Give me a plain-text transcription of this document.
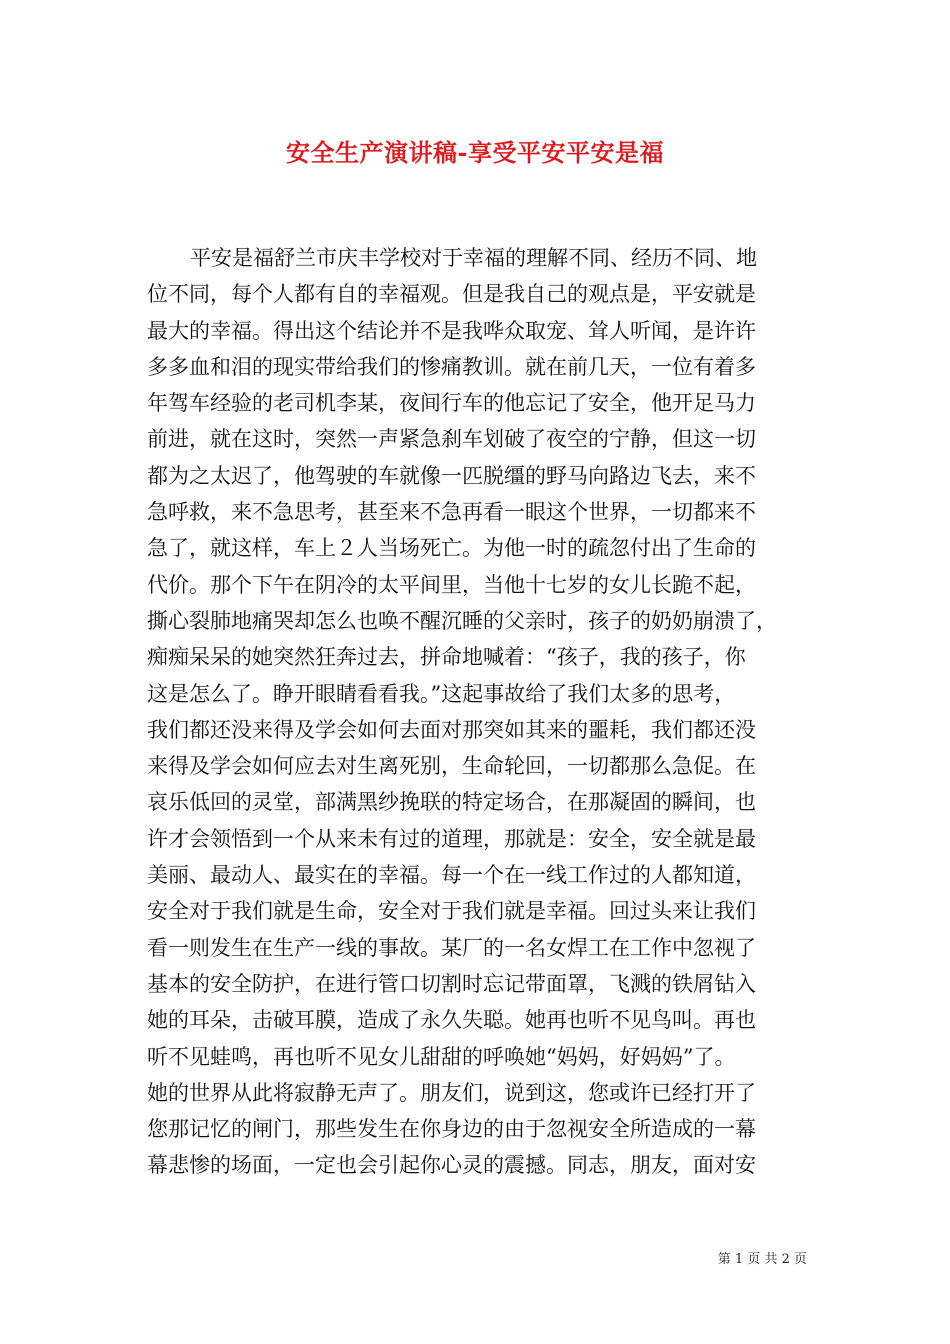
安全生产演讲稿-享受平安平安是福
平安是福舒兰市庆丰学校对于幸福的理解不同、经历不同、地
位不同，每个人都有自的幸福观。但是我自己的观点是，平安就是
最大的幸福。得出这个结论并不是我哗众取宠、耸人听闻，是许许
多多血和泪的现实带给我们的惨痛教训。就在前几天，一位有着多
年驾车经验的老司机李某，夜间行车的他忘记了安全，他开足马力
前进，就在这时，突然一声紧急刹车划破了夜空的宁静，但这一切
都为之太迟了，他驾驶的车就像一匹脱缰的野马向路边飞去，来不
急呼救，来不急思考，甚至来不急再看一眼这个世界，一切都来不
急了，就这样，车上２人当场死亡。为他一时的疏忽付出了生命的
代价。那个下午在阴冷的太平间里，当他十七岁的女儿长跪不起，
撕心裂肺地痛哭却怎么也唤不醒沉睡的父亲时，孩子的奶奶崩溃了，
痴痴呆呆的她突然狂奔过去，拼命地喊着：“孩子，我的孩子，你
这是怎么了。睁开眼睛看看我。”这起事故给了我们太多的思考，
我们都还没来得及学会如何去面对那突如其来的噩耗，我们都还没
来得及学会如何应去对生离死别，生命轮回，一切都那么急促。在
哀乐低回的灵堂，部满黑纱挽联的特定场合，在那凝固的瞬间，也
许才会领悟到一个从来未有过的道理，那就是：安全，安全就是最
美丽、最动人、最实在的幸福。每一个在一线工作过的人都知道，
安全对于我们就是生命，安全对于我们就是幸福。回过头来让我们
看一则发生在生产一线的事故。某厂的一名女焊工在工作中忽视了
基本的安全防护，在进行管口切割时忘记带面罩，飞溅的铁屑钻入
她的耳朵，击破耳膜，造成了永久失聪。她再也听不见鸟叫。再也
听不见蛙鸣，再也听不见女儿甜甜的呼唤她“妈妈，好妈妈”了。
她的世界从此将寂静无声了。朋友们，说到这，您或许已经打开了
您那记忆的闸门，那些发生在你身边的由于忽视安全所造成的一幕
幕悲惨的场面，一定也会引起你心灵的震撼。同志，朋友，面对安
第 1 页 共 2 页
